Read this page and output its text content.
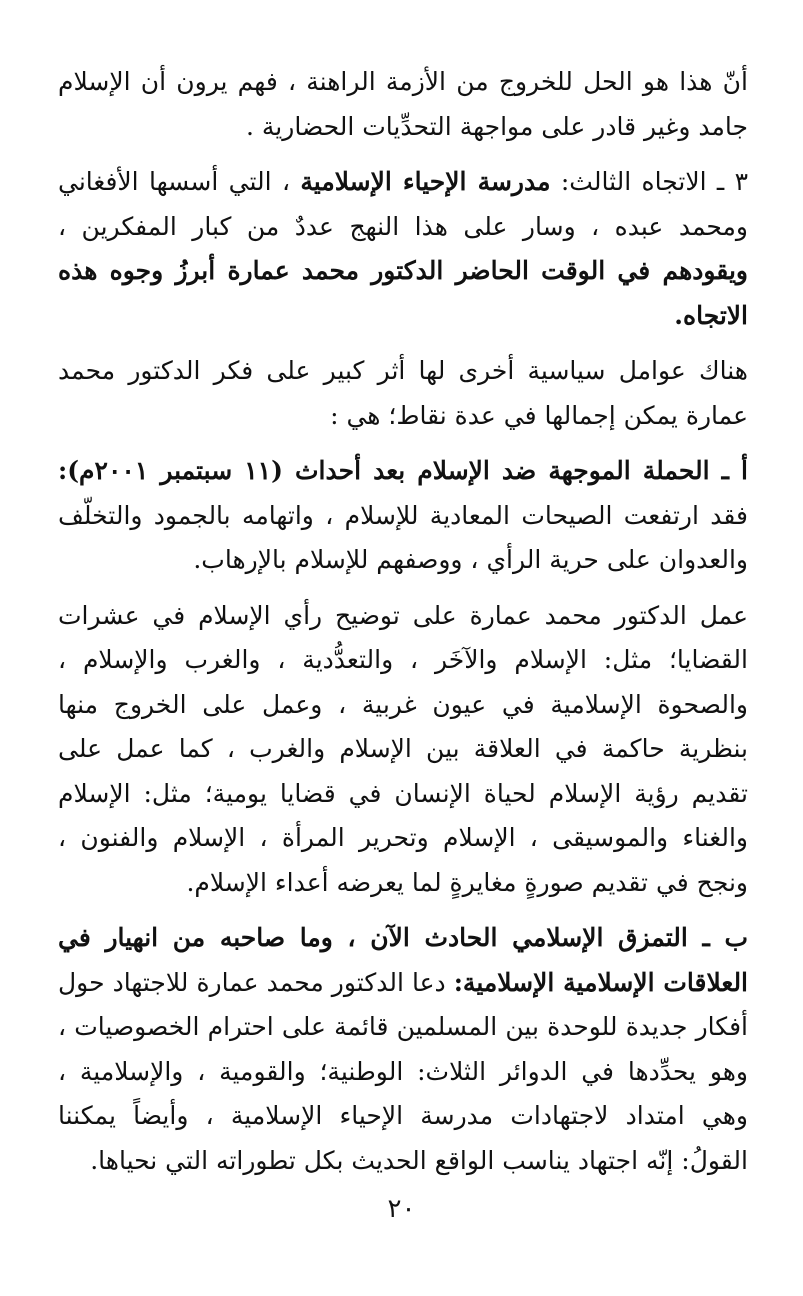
أنّ هذا هو الحل للخروج من الأزمة الراهنة ، فهم يرون أن الإسلام جامد وغير قادر على مواجهة التحدِّيات الحضارية .

٣ ـ الاتجاه الثالث: مدرسة الإحياء الإسلامية ، التي أسسها الأفغاني ومحمد عبده ، وسار على هذا النهج عددٌ من كبار المفكرين ، ويقودهم في الوقت الحاضر الدكتور محمد عمارة أبرزُ وجوه هذه الاتجاه.

هناك عوامل سياسية أخرى لها أثر كبير على فكر الدكتور محمد عمارة يمكن إجمالها في عدة نقاط؛ هي :

أ ـ الحملة الموجهة ضد الإسلام بعد أحداث (١١ سبتمبر ٢٠٠١م): فقد ارتفعت الصيحات المعادية للإسلام ، واتهامه بالجمود والتخلّف والعدوان على حرية الرأي ، ووصفهم للإسلام بالإرهاب.

عمل الدكتور محمد عمارة على توضيح رأي الإسلام في عشرات القضايا؛ مثل: الإسلام والآخَر ، والتعدُّدية ، والغرب والإسلام ، والصحوة الإسلامية في عيون غربية ، وعمل على الخروج منها بنظرية حاكمة في العلاقة بين الإسلام والغرب ، كما عمل على تقديم رؤية الإسلام لحياة الإنسان في قضايا يومية؛ مثل: الإسلام والغناء والموسيقى ، الإسلام وتحرير المرأة ، الإسلام والفنون ، ونجح في تقديم صورةٍ مغايرةٍ لما يعرضه أعداء الإسلام.

ب ـ التمزق الإسلامي الحادث الآن ، وما صاحبه من انهيار في العلاقات الإسلامية الإسلامية: دعا الدكتور محمد عمارة للاجتهاد حول أفكار جديدة للوحدة بين المسلمين قائمة على احترام الخصوصيات ، وهو يحدِّدها في الدوائر الثلاث: الوطنية؛ والقومية ، والإسلامية ، وهي امتداد لاجتهادات مدرسة الإحياء الإسلامية ، وأيضاً يمكننا القولُ: إنّه اجتهاد يناسب الواقع الحديث بكل تطوراته التي نحياها.

٢٠
